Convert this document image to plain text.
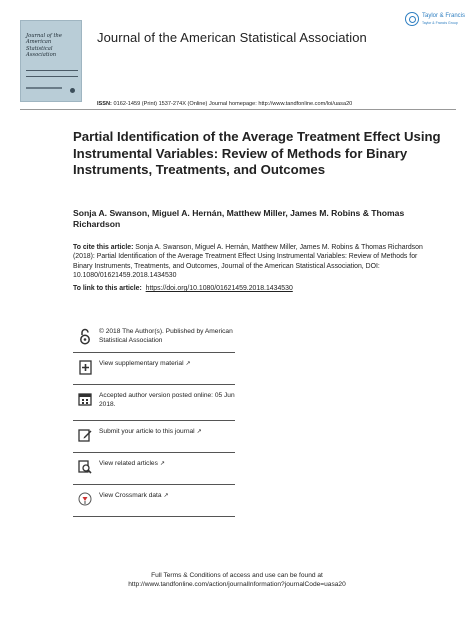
Journal of the American Statistical Association
Journal of the American Statistical Association
Taylor & Francis
Taylor & Francis Group
ISSN: 0162-1459 (Print) 1537-274X (Online) Journal homepage: http://www.tandfonline.com/loi/uasa20
Partial Identification of the Average Treatment Effect Using Instrumental Variables: Review of Methods for Binary Instruments, Treatments, and Outcomes
Sonja A. Swanson, Miguel A. Hernán, Matthew Miller, James M. Robins & Thomas Richardson
To cite this article: Sonja A. Swanson, Miguel A. Hernán, Matthew Miller, James M. Robins & Thomas Richardson (2018): Partial Identification of the Average Treatment Effect Using Instrumental Variables: Review of Methods for Binary Instruments, Treatments, and Outcomes, Journal of the American Statistical Association, DOI: 10.1080/01621459.2018.1434530
To link to this article: https://doi.org/10.1080/01621459.2018.1434530
© 2018 The Author(s). Published by American Statistical Association
View supplementary material ↗
Accepted author version posted online: 05 Jun 2018.
Submit your article to this journal ↗
View related articles ↗
View Crossmark data ↗
Full Terms & Conditions of access and use can be found at
http://www.tandfonline.com/action/journalInformation?journalCode=uasa20
